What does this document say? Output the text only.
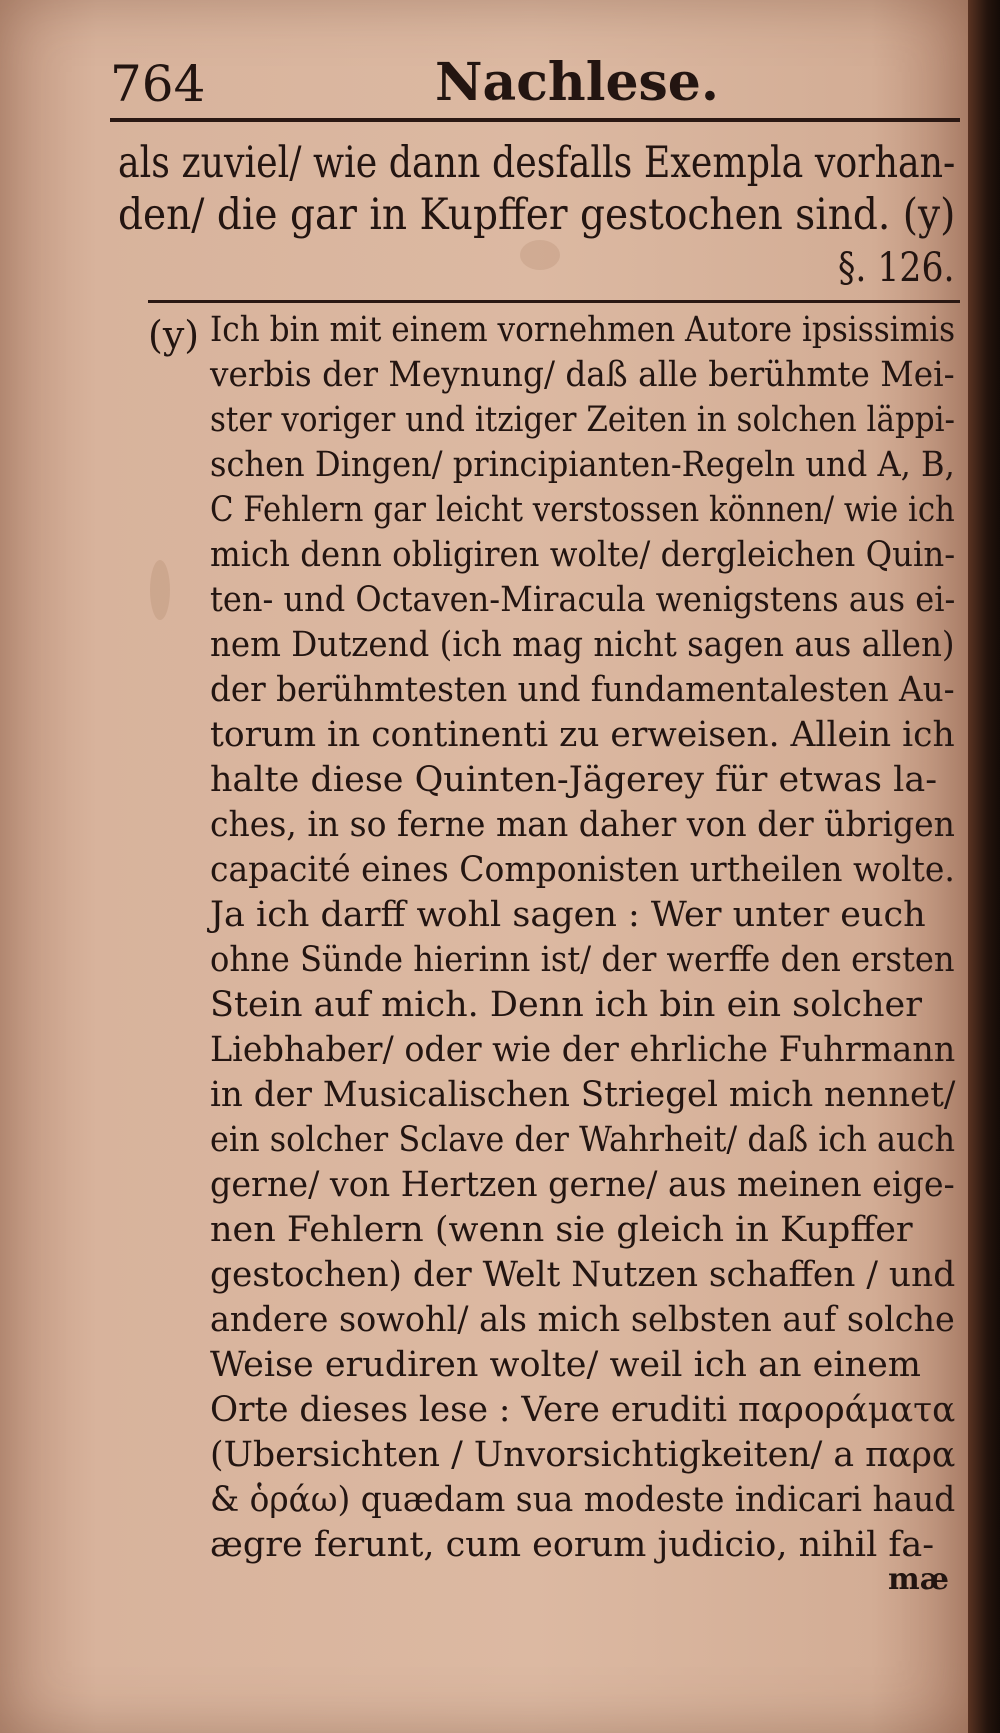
764	Nachlese.
als zuviel/ wie dann desfalls Exempla vorhan-
den/ die gar in Kupffer gestochen sind. (y)
§. 126.
(y) Ich bin mit einem vornehmen Autore ipsissimis
verbis der Meynung/ daß alle berühmte Mei-
ster voriger und itziger Zeiten in solchen läppi-
schen Dingen/ principianten-Regeln und A, B,
C Fehlern gar leicht verstossen können/ wie ich
mich denn obligiren wolte/ dergleichen Quin-
ten- und Octaven-Miracula wenigstens aus ei-
nem Dutzend (ich mag nicht sagen aus allen)
der berühmtesten und fundamentalesten Au-
torum in continenti zu erweisen. Allein ich
halte diese Quinten-Jägerey für etwas la-
ches, in so ferne man daher von der übrigen
capacité eines Componisten urtheilen wolte.
Ja ich darff wohl sagen : Wer unter euch
ohne Sünde hierinn ist/ der werffe den ersten
Stein auf mich. Denn ich bin ein solcher
Liebhaber/ oder wie der ehrliche Fuhrmann
in der Musicalischen Striegel mich nennet/
ein solcher Sclave der Wahrheit/ daß ich auch
gerne/ von Hertzen gerne/ aus meinen eige-
nen Fehlern (wenn sie gleich in Kupffer
gestochen) der Welt Nutzen schaffen / und
andere sowohl/ als mich selbsten auf solche
Weise erudiren wolte/ weil ich an einem
Orte dieses lese : Vere eruditi παροράματα
(Ubersichten / Unvorsichtigkeiten/ a παρα
& ὁράω) quædam sua modeste indicari haud
ægre ferunt, cum eorum judicio, nihil fa-
mæ
